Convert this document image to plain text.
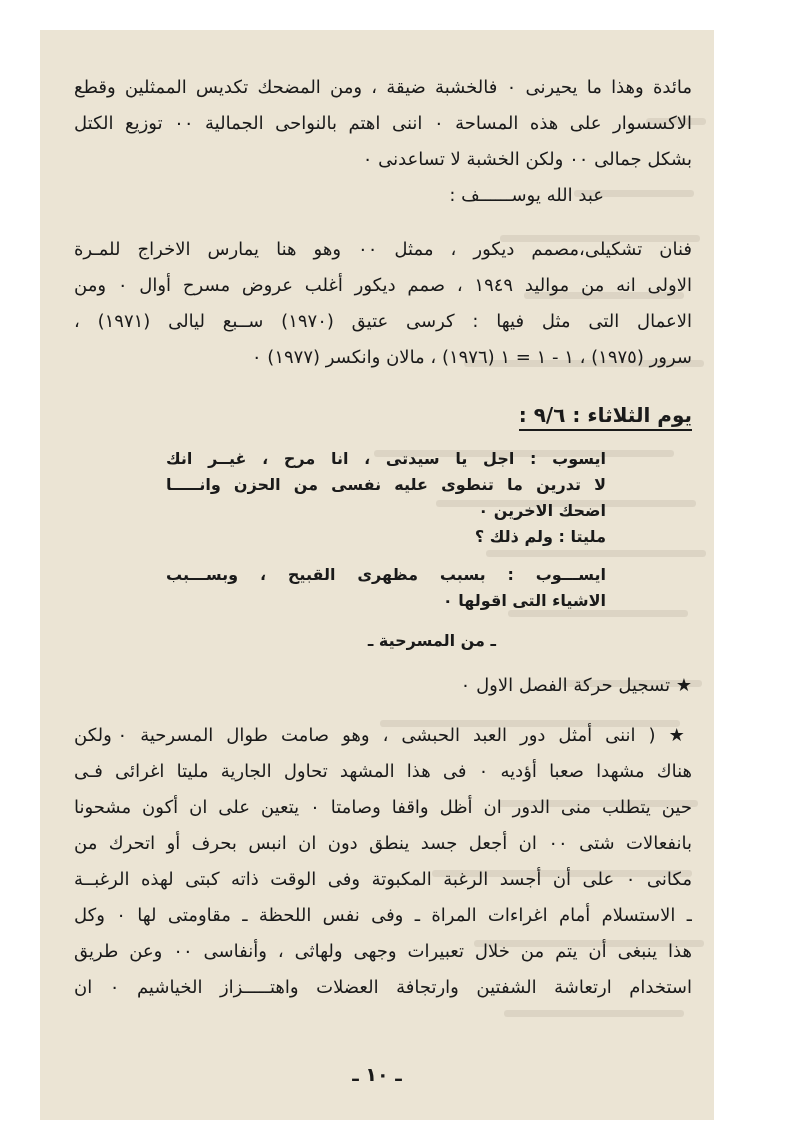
مائدة وهذا ما يحيرنى ٠ فالخشبة ضيقة ، ومن المضحك تكديس الممثلين وقطع
الاكسسوار على هذه المساحة ٠ اننى اهتم بالنواحى الجمالية ٠٠ توزيع الكتل
بشكل جمالى ٠٠ ولكن الخشبة لا تساعدنى ٠
عبد الله يوســــــف :
فنان تشكيلى،مصمم ديكور ، ممثل ٠٠ وهو هنا يمارس الاخراج للمـرة
الاولى انه من مواليد ١٩٤٩ ، صمم ديكور أغلب عروض مسرح أوال ٠ ومن
الاعمال التى مثل فيها : كرسى عتيق (١٩٧٠) ســبع ليالى (١٩٧١) ،
سرور (١٩٧٥) ، ١ - ١ = ١ (١٩٧٦) ، مالان وانكسر (١٩٧٧) ٠
يوم الثلاثاء : ٩/٦ :
ايسوب : اجل يا سيدتى ، انا مرح ، غيــر انك
لا تدرين ما تنطوى عليه نفسى من الحزن وانـــــا
اضحك الاخرين ٠
مليتا : ولم ذلك ؟
ايســـوب : بسبب مظهرى القبيح ، وبســـبب
الاشياء التى اقولها ٠
ـ من المسرحية ـ
★ تسجيل حركة الفصل الاول ٠
★ ( اننى أمثل دور العبد الحبشى ، وهو صامت طوال المسرحية ٠ ولكن
هناك مشهدا صعبا أؤديه ٠ فى هذا المشهد تحاول الجارية مليتا اغرائى فـى
حين يتطلب منى الدور ان أظل واقفا وصامتا ٠ يتعين على ان أكون مشحونا
بانفعالات شتى ٠٠ ان أجعل جسد ينطق دون ان انبس بحرف أو اتحرك من
مكانى ٠ على أن أجسد الرغبة المكبوتة وفى الوقت ذاته كبتى لهذه الرغبــة
ـ الاستسلام أمام اغراءات المراة ـ وفى نفس اللحظة ـ مقاومتى لها ٠ وكل
هذا ينبغى أن يتم من خلال تعبيرات وجهى ولهاثى ، وأنفاسى ٠٠ وعن طريق
استخدام ارتعاشة الشفتين وارتجافة العضلات واهتـــــزاز الخياشيم ٠ ان
ـ ١٠ ـ
